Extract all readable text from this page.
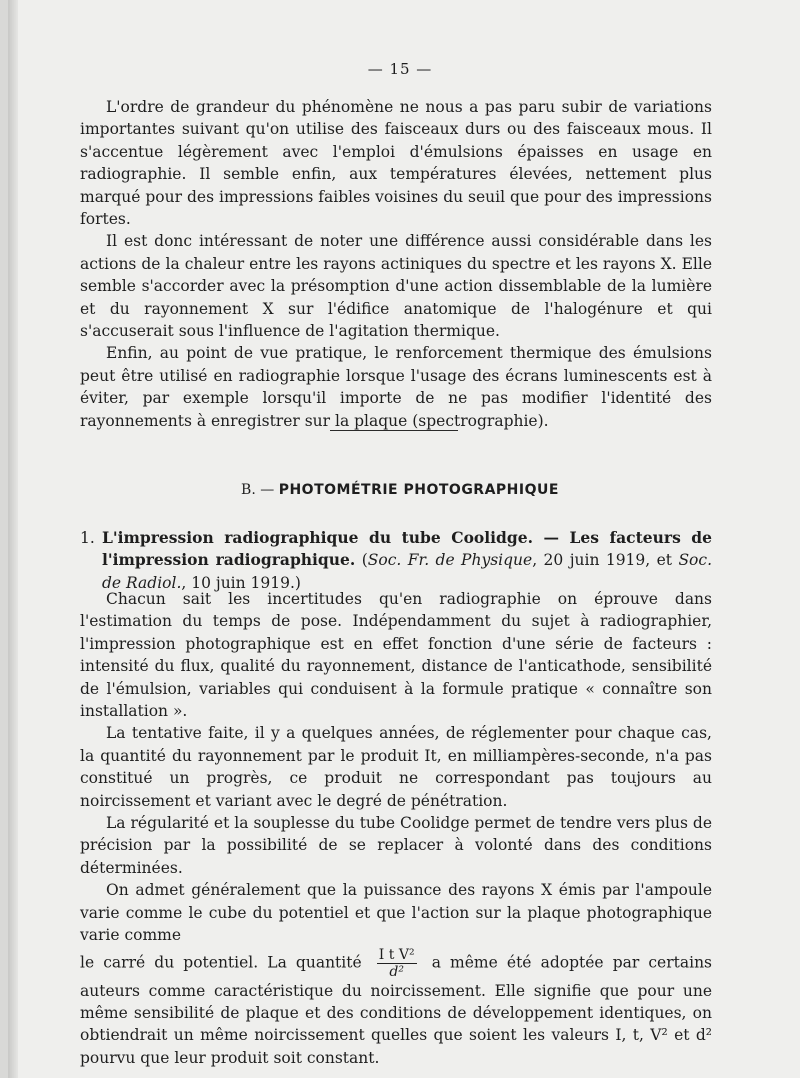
— 15 —

L'ordre de grandeur du phénomène ne nous a pas paru subir de variations importantes suivant qu'on utilise des faisceaux durs ou des faisceaux mous. Il s'accentue légèrement avec l'emploi d'émulsions épaisses en usage en radiographie. Il semble enfin, aux températures élevées, nettement plus marqué pour des impressions faibles voisines du seuil que pour des impressions fortes.

Il est donc intéressant de noter une différence aussi considérable dans les actions de la chaleur entre les rayons actiniques du spectre et les rayons X. Elle semble s'accorder avec la présomption d'une action dissemblable de la lumière et du rayonnement X sur l'édifice anatomique de l'halogénure et qui s'accuserait sous l'influence de l'agitation thermique.

Enfin, au point de vue pratique, le renforcement thermique des émulsions peut être utilisé en radiographie lorsque l'usage des écrans luminescents est à éviter, par exemple lorsqu'il importe de ne pas modifier l'identité des rayonnements à enregistrer sur la plaque (spectrographie).

B. — PHOTOMÉTRIE PHOTOGRAPHIQUE
1. L'impression radiographique du tube Coolidge. — Les facteurs de l'impression radiographique. (Soc. Fr. de Physique, 20 juin 1919, et Soc. de Radiol., 10 juin 1919.)

Chacun sait les incertitudes qu'en radiographie on éprouve dans l'estimation du temps de pose. Indépendamment du sujet à radiographier, l'impression photographique est en effet fonction d'une série de facteurs : intensité du flux, qualité du rayonnement, distance de l'anticathode, sensibilité de l'émulsion, variables qui conduisent à la formule pratique « connaître son installation ».

La tentative faite, il y a quelques années, de réglementer pour chaque cas, la quantité du rayonnement par le produit It, en milliampères-seconde, n'a pas constitué un progrès, ce produit ne correspondant pas toujours au noircissement et variant avec le degré de pénétration.

La régularité et la souplesse du tube Coolidge permet de tendre vers plus de précision par la possibilité de se replacer à volonté dans des conditions déterminées.

On admet généralement que la puissance des rayons X émis par l'ampoule varie comme le cube du potentiel et que l'action sur la plaque photographique varie comme

le carré du potentiel. La quantité $\frac{\text{I t V²}}{\text{d²}}$ a même été adoptée par certains auteurs comme caractéristique du noircissement. Elle signifie que pour une même sensibilité de plaque et des conditions de développement identiques, on obtiendrait un même noircissement quelles que soient les valeurs I, t, V² et d² pourvu que leur produit soit constant.
